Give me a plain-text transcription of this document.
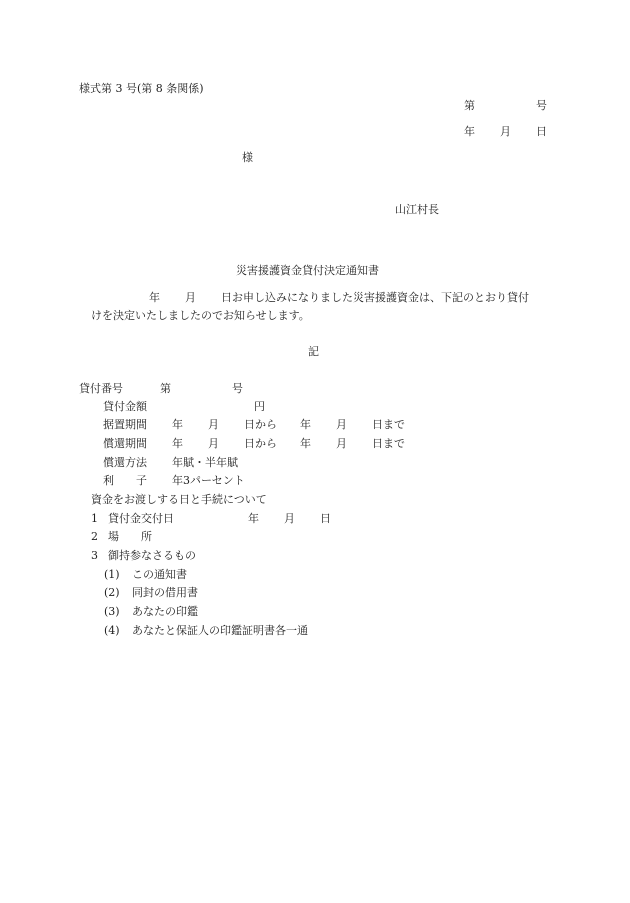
様式第 3 号(第 8 条関係)
第	号
年 月 日
様
山江村長
災害援護資金貸付決定通知書
年 月 日お申し込みになりました災害援護資金は、下記のとおり貸付
けを決定いたしましたのでお知らせします。
記
貸付番号	第	号
貸付金額	円
据置期間 年 月 日から 年 月 日まで
償還期間 年 月 日から 年 月 日まで
償還方法 年賦・半年賦
利　　子 年3パーセント
資金をお渡しする日と手続について
1 貸付金交付日	年 月 日
2 場　　所
3 御持参なさるもの
(1) この通知書
(2) 同封の借用書
(3) あなたの印鑑
(4) あなたと保証人の印鑑証明書各一通
